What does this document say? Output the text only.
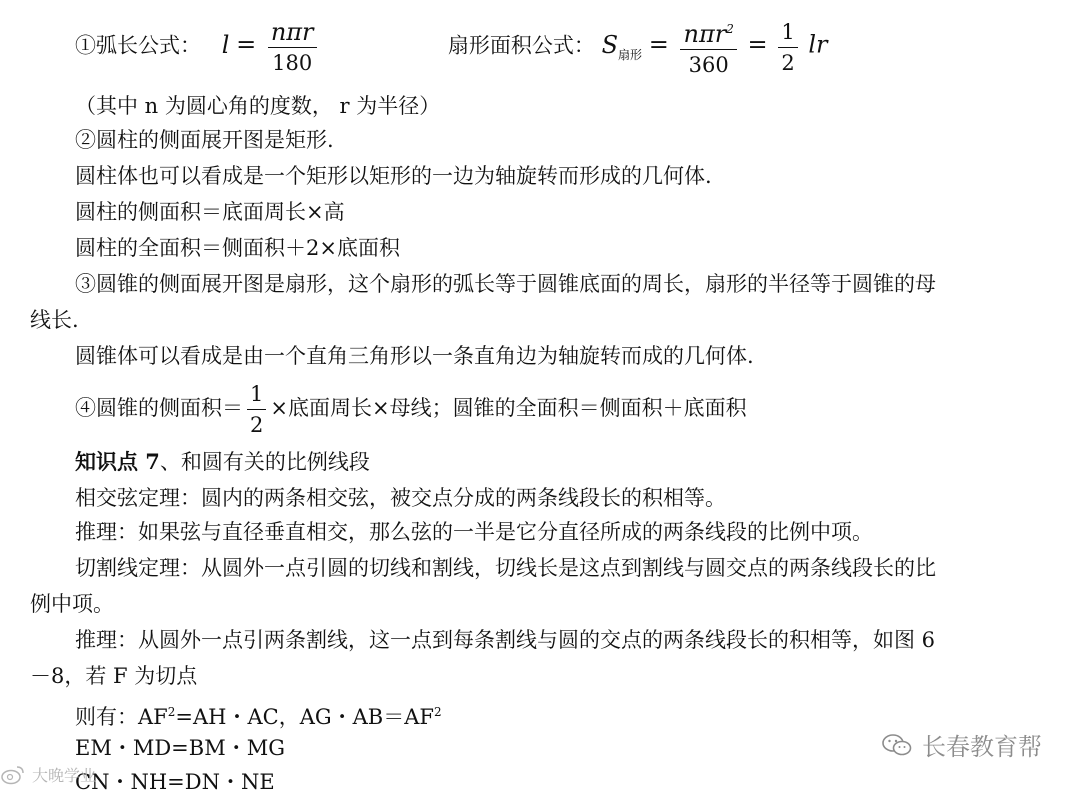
①弧长公式： $l = \frac{\text{nπr}}{180}$	扇形面积公式： $S_{扇形} = \frac{n\pi r^2}{360} = \frac{1}{2}$ lr
（其中 n 为圆心角的度数， r 为半径）
②圆柱的侧面展开图是矩形.
圆柱体也可以看成是一个矩形以矩形的一边为轴旋转而形成的几何体.
圆柱的侧面积＝底面周长×高
圆柱的全面积＝侧面积＋2×底面积
③圆锥的侧面展开图是扇形，这个扇形的弧长等于圆锥底面的周长，扇形的半径等于圆锥的母
线长.
圆锥体可以看成是由一个直角三角形以一条直角边为轴旋转而成的几何体.
④圆锥的侧面积＝ $\frac{1}{2}$ ×底面周长×母线；圆锥的全面积＝侧面积＋底面积
知识点 7、和圆有关的比例线段
相交弦定理：圆内的两条相交弦，被交点分成的两条线段长的积相等。
推理：如果弦与直径垂直相交，那么弦的一半是它分直径所成的两条线段的比例中项。
切割线定理：从圆外一点引圆的切线和割线，切线长是这点到割线与圆交点的两条线段长的比
例中项。
推理：从圆外一点引两条割线，这一点到每条割线与圆的交点的两条线段长的积相等，如图 6
－8，若 F 为切点
则有：$AF^2=AH$・AC，AG・$AB=AF^2$
EM・MD=BM・MG
CN・NH=DN・NE
长春教育帮
大晚学业
